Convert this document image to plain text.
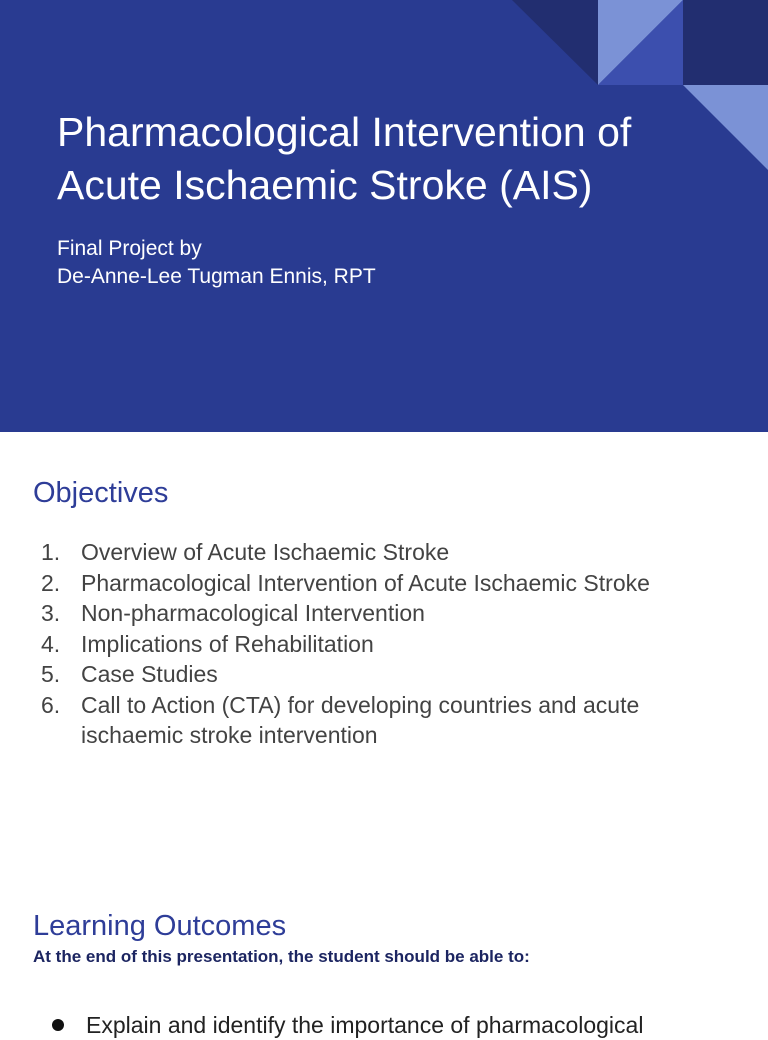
Pharmacological Intervention of
Acute Ischaemic Stroke (AIS)
Final Project by
De-Anne-Lee Tugman Ennis, RPT
Objectives
1. Overview of Acute Ischaemic Stroke
2. Pharmacological Intervention of Acute Ischaemic Stroke
3. Non-pharmacological Intervention
4. Implications of Rehabilitation
5. Case Studies
6. Call to Action (CTA) for developing countries and acute ischaemic stroke intervention
Learning Outcomes

At the end of this presentation, the student should be able to:

Explain and identify the importance of pharmacological
